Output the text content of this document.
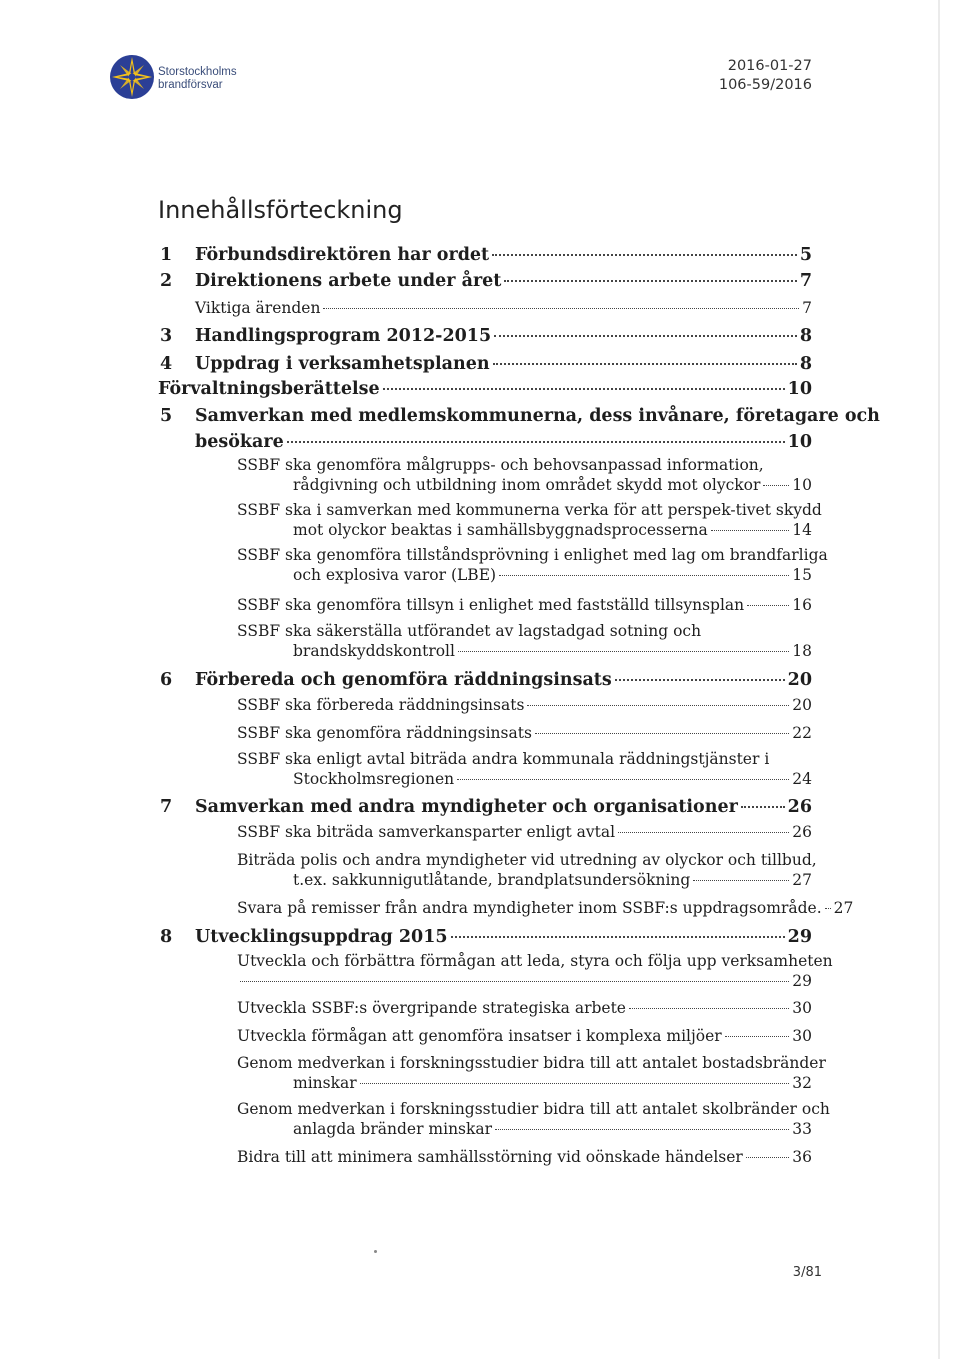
Storstockholms
brandförsvar
2016-01-27
106-59/2016
Innehållsförteckning
1 Förbundsdirektören har ordet	5
2 Direktionens arbete under året	7
Viktiga ärenden	7
3 Handlingsprogram 2012-2015	8
4 Uppdrag i verksamhetsplanen	8
Förvaltningsberättelse	10
5 Samverkan med medlemskommunerna, dess invånare, företagare och
besökare	10
SSBF ska genomföra målgrupps- och behovsanpassad information,
rådgivning och utbildning inom området skydd mot olyckor 10
SSBF ska i samverkan med kommunerna verka för att perspek-tivet skydd
mot olyckor beaktas i samhällsbyggnadsprocesserna	14
SSBF ska genomföra tillståndsprövning i enlighet med lag om brandfarliga
och explosiva varor (LBE)	15
SSBF ska genomföra tillsyn i enlighet med fastställd tillsynsplan	16
SSBF ska säkerställa utförandet av lagstadgad sotning och
brandskyddskontroll	18
6 Förbereda och genomföra räddningsinsats	20
SSBF ska förbereda räddningsinsats	20
SSBF ska genomföra räddningsinsats	22
SSBF ska enligt avtal biträda andra kommunala räddningstjänster i
Stockholmsregionen	24
7 Samverkan med andra myndigheter och organisationer	26
SSBF ska biträda samverkansparter enligt avtal	26
Biträda polis och andra myndigheter vid utredning av olyckor och tillbud,
t.ex. sakkunnigutlåtande, brandplatsundersökning	27
Svara på remisser från andra myndigheter inom SSBF:s uppdragsområde. 27
8 Utvecklingsuppdrag 2015	29
Utveckla och förbättra förmågan att leda, styra och följa upp verksamheten
29
Utveckla SSBF:s övergripande strategiska arbete	30
Utveckla förmågan att genomföra insatser i komplexa miljöer	30
Genom medverkan i forskningsstudier bidra till att antalet bostadsbränder
minskar	32
Genom medverkan i forskningsstudier bidra till att antalet skolbränder och
anlagda bränder minskar	33
Bidra till att minimera samhällsstörning vid oönskade händelser	36
3/81
